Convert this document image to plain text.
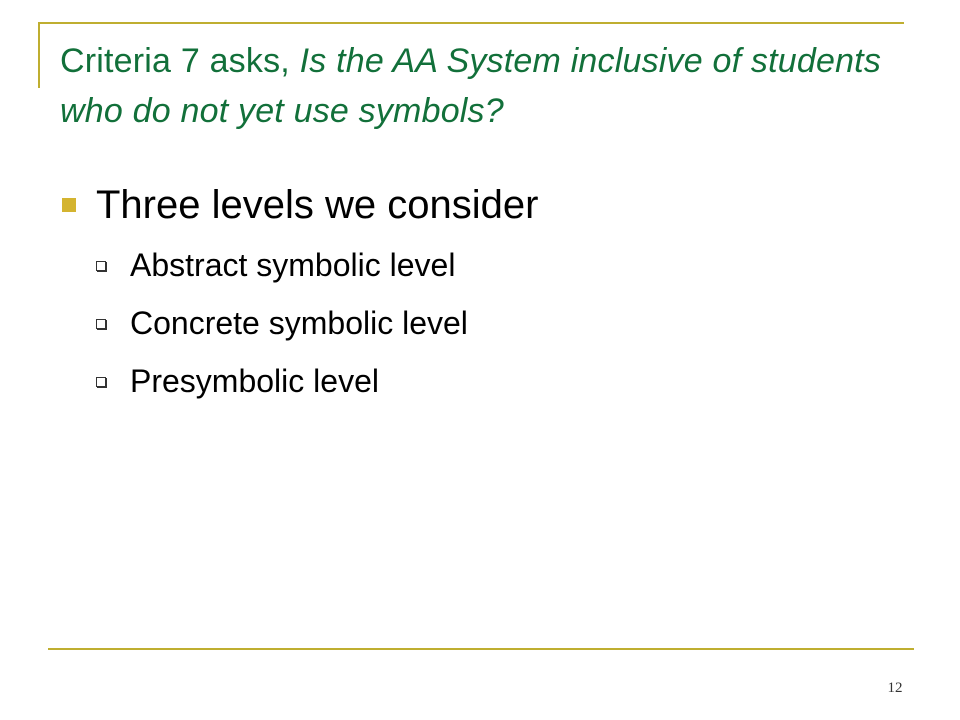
Criteria 7 asks, Is the AA System inclusive of students who do not yet use symbols?
Three levels we consider
Abstract symbolic level
Concrete symbolic level
Presymbolic level
12
